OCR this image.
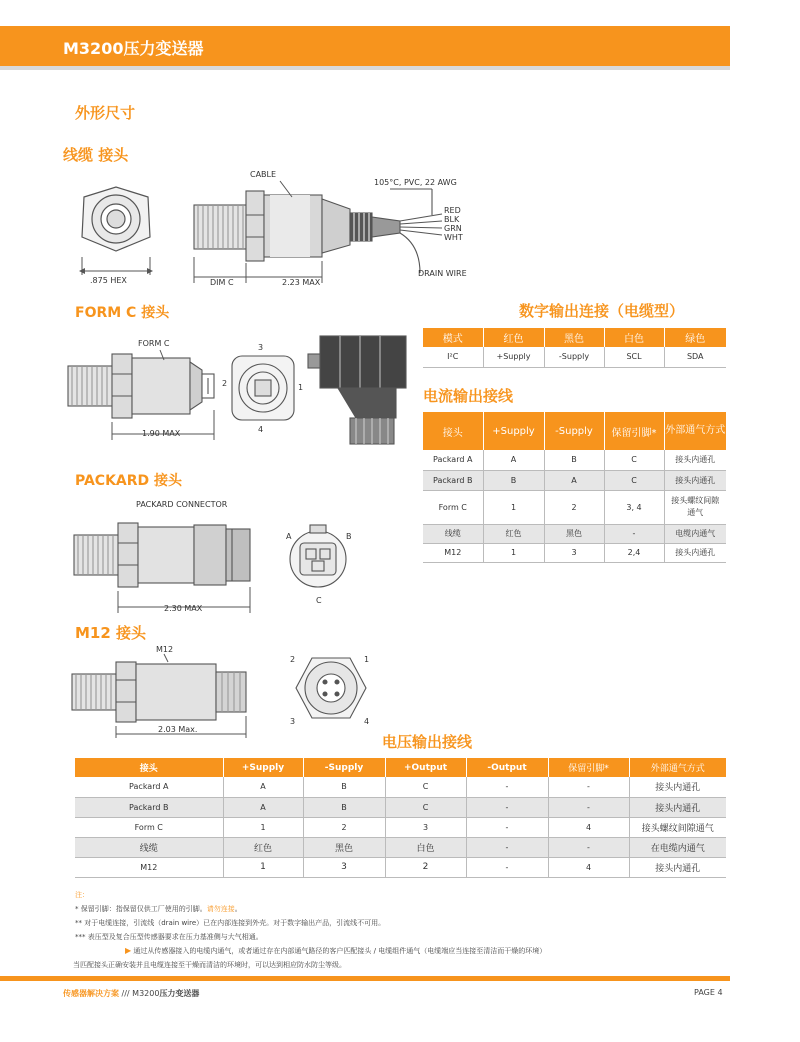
M3200压力变送器
外形尺寸
线缆 接头
FORM C 接头
PACKARD 接头
M12 接头
数字输出连接（电缆型）
电流输出接线
电压输出接线
CABLE
105°C, PVC, 22 AWG
RED
BLK
GRN
WHT
DRAIN WIRE
.875 HEX	DIM C	2.23 MAX
FORM C
1.90 MAX
3
2	1
4
PACKARD CONNECTOR
2.30 MAX
A	B
C
M12
2.03 Max.
2	1
3	4
模式	红色	黑色	白色	绿色
I²C	+Supply	-Supply	SCL	SDA
接头	+Supply	-Supply	保留引脚*	外部通气方式
Packard A	A	B	C	接头内通孔
Packard B	B	A	C	接头内通孔
Form C	1	2	3, 4	接头螺纹间隙通气
线缆	红色	黑色	-	电缆内通气
M12	1	3	2,4	接头内通孔
接头	+Supply	-Supply	+Output	-Output	保留引脚*	外部通气方式
Packard A	A	B	C	-	-	接头内通孔
Packard B	A	B	C	-	-	接头内通孔
Form C	1	2	3	-	4	接头螺纹间隙通气
线缆	红色	黑色	白色	-	-	在电缆内通气
M12	1	3	2	-	4	接头内通孔
注：
* 保留引脚：指保留仅供工厂使用的引脚。请勿连接。
** 对于电缆连接，引流线（drain wire）已在内部连接到外壳。对于数字输出产品，引流线不可用。
*** 表压型及复合压型传感器要求在压力基准侧与大气相通。
▶ 通过从传感器接入的电缆内通气，或者通过存在内部通气路径的客户匹配接头 / 电缆组件通气（电缆端应当连接至清洁而干燥的环境）
当匹配接头正确安装并且电缆连接至干燥而清洁的环境时，可以达到相应防水防尘等级。
传感器解决方案 /// M3200压力变送器	PAGE 4
